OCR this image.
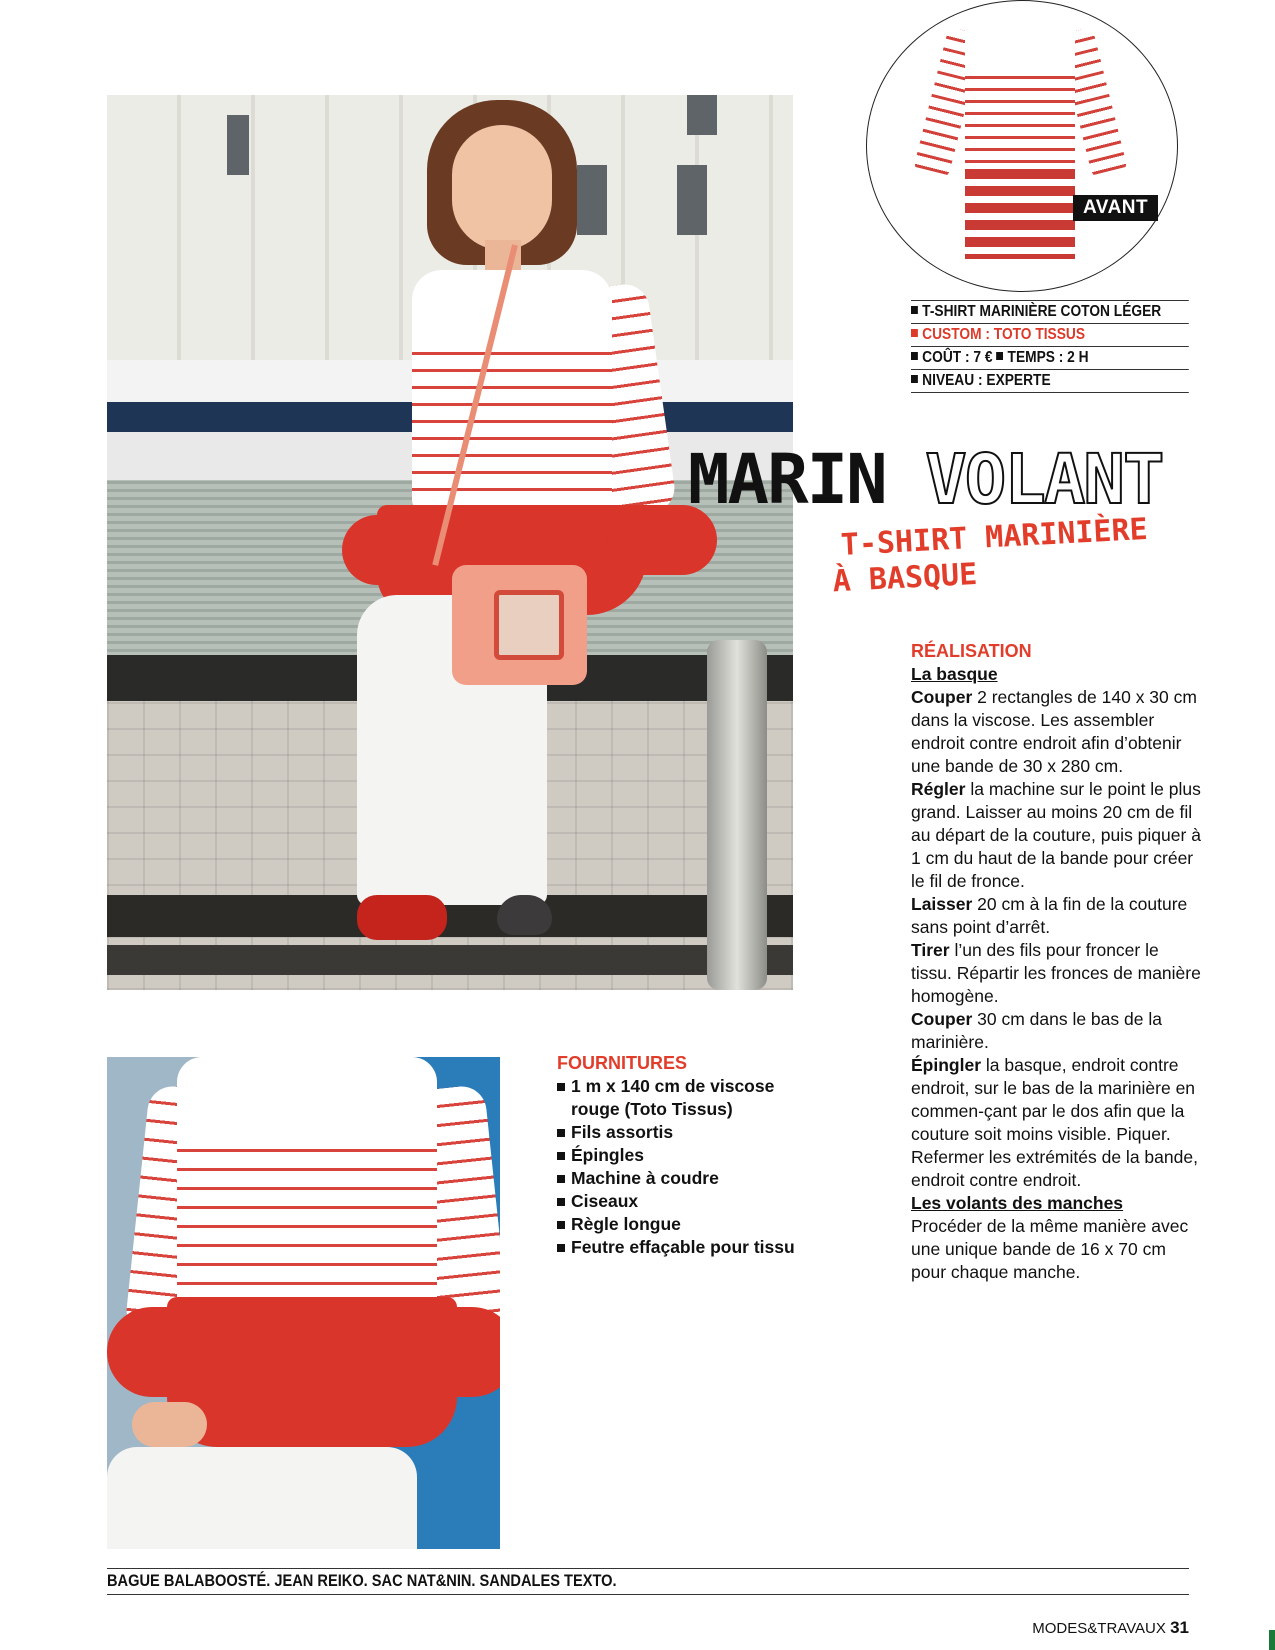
AVANT
T-SHIRT MARINIÈRE COTON LÉGER
CUSTOM : TOTO TISSUS
COÛT : 7 € TEMPS : 2 H
NIVEAU : EXPERTE
MARIN VOLANT
T-SHIRT MARINIÈRE
À BASQUE
RÉALISATION
La basque

Couper 2 rectangles de 140 x 30 cm dans la viscose. Les assembler endroit contre endroit afin d’obtenir une bande de 30 x 280 cm.

Régler la machine sur le point le plus grand. Laisser au moins 20 cm de fil au départ de la couture, puis piquer à 1 cm du haut de la bande pour créer le fil de fronce.

Laisser 20 cm à la fin de la couture sans point d’arrêt.

Tirer l’un des fils pour froncer le tissu. Répartir les fronces de manière homogène.

Couper 30 cm dans le bas de la marinière.

Épingler la basque, endroit contre endroit, sur le bas de la marinière en commen-çant par le dos afin que la couture soit moins visible. Piquer. Refermer les extrémités de la bande, endroit contre endroit.

Les volants des manches

Procéder de la même manière avec une unique bande de 16 x 70 cm pour chaque manche.

FOURNITURES
1 m x 140 cm de viscose rouge (Toto Tissus)
Fils assortis
Épingles
Machine à coudre
Ciseaux
Règle longue
Feutre effaçable pour tissu
BAGUE BALABOOSTÉ. JEAN REIKO. SAC NAT&NIN. SANDALES TEXTO.
MODES&TRAVAUX 31
